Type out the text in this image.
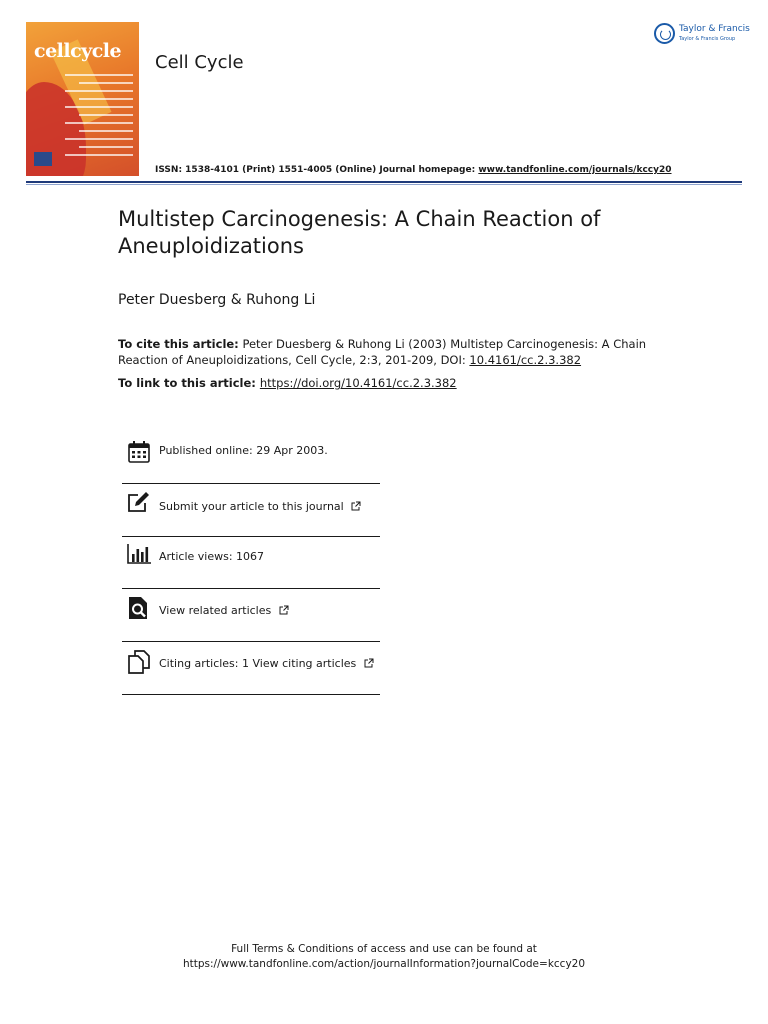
cellcycle
Cell Cycle
Taylor & Francis
Taylor & Francis Group
ISSN: 1538-4101 (Print) 1551-4005 (Online) Journal homepage: www.tandfonline.com/journals/kccy20
Multistep Carcinogenesis: A Chain Reaction of Aneuploidizations
Peter Duesberg & Ruhong Li
To cite this article: Peter Duesberg & Ruhong Li (2003) Multistep Carcinogenesis: A Chain Reaction of Aneuploidizations, Cell Cycle, 2:3, 201-209, DOI: 10.4161/cc.2.3.382
To link to this article: https://doi.org/10.4161/cc.2.3.382
Published online: 29 Apr 2003.
Submit your article to this journal
Article views: 1067
View related articles
Citing articles: 1 View citing articles
Full Terms & Conditions of access and use can be found at
https://www.tandfonline.com/action/journalInformation?journalCode=kccy20
